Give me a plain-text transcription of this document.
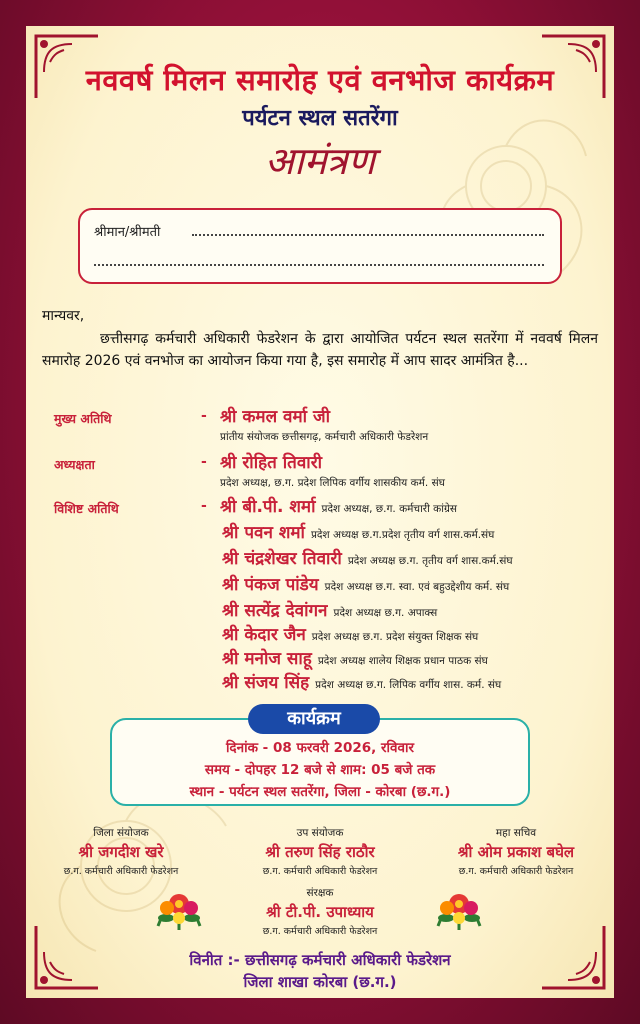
नववर्ष मिलन समारोह एवं वनभोज कार्यक्रम
पर्यटन स्थल सतरेंगा
आमंत्रण
श्रीमान/श्रीमती
मान्यवर,
छत्तीसगढ़ कर्मचारी अधिकारी फेडरेशन के द्वारा आयोजित पर्यटन स्थल सतरेंगा में नववर्ष मिलन समारोह 2026 एवं वनभोज का आयोजन किया गया है, इस समारोह में आप सादर आमंत्रित है...
मुख्य अतिथि	- श्री कमल वर्मा जी
प्रांतीय संयोजक छत्तीसगढ़, कर्मचारी अधिकारी फेडरेशन
अध्यक्षता	- श्री रोहित तिवारी
प्रदेश अध्यक्ष, छ.ग. प्रदेश लिपिक वर्गीय शासकीय कर्म. संघ
विशिष्ट अतिथि	- श्री बी.पी. शर्मा प्रदेश अध्यक्ष, छ.ग. कर्मचारी कांग्रेस
श्री पवन शर्मा प्रदेश अध्यक्ष छ.ग.प्रदेश तृतीय वर्ग शास.कर्म.संघ
श्री चंद्रशेखर तिवारी प्रदेश अध्यक्ष छ.ग. तृतीय वर्ग शास.कर्म.संघ
श्री पंकज पांडेय प्रदेश अध्यक्ष छ.ग. स्वा. एवं बहुउद्देशीय कर्म. संघ
श्री सत्येंद्र देवांगन प्रदेश अध्यक्ष छ.ग. अपाक्स
श्री केदार जैन प्रदेश अध्यक्ष छ.ग. प्रदेश संयुक्त शिक्षक संघ
श्री मनोज साहू प्रदेश अध्यक्ष शालेय शिक्षक प्रधान पाठक संघ
श्री संजय सिंह प्रदेश अध्यक्ष छ.ग. लिपिक वर्गीय शास. कर्म. संघ
कार्यक्रम
दिनांक - 08 फरवरी 2026, रविवार
समय - दोपहर 12 बजे से शाम: 05 बजे तक
स्थान - पर्यटन स्थल सतरेंगा, जिला - कोरबा (छ.ग.)
जिला संयोजक
श्री जगदीश खरे
छ.ग. कर्मचारी अधिकारी फेडरेशन
उप संयोजक
श्री तरुण सिंह राठौर
छ.ग. कर्मचारी अधिकारी फेडरेशन
महा सचिव
श्री ओम प्रकाश बघेल
छ.ग. कर्मचारी अधिकारी फेडरेशन
संरक्षक
श्री टी.पी. उपाध्याय
छ.ग. कर्मचारी अधिकारी फेडरेशन
विनीत :- छत्तीसगढ़ कर्मचारी अधिकारी फेडरेशन
जिला शाखा कोरबा (छ.ग.)
